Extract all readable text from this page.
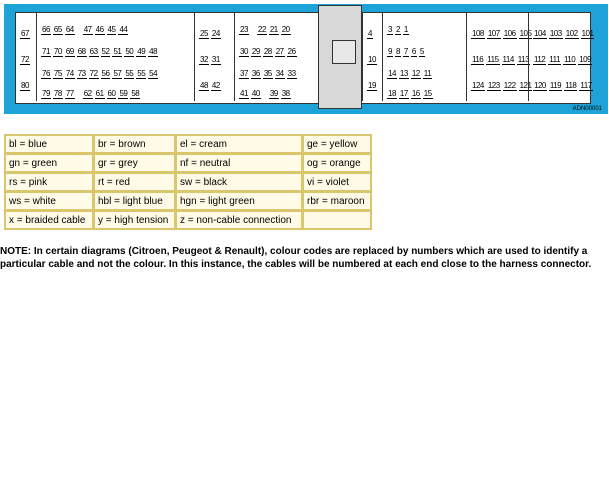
67
72
80
66 65 64 47 46 45 44
71 70 69 68 63 52 51 50 49 48
76 75 74 73 72 56 57 55 55 54
79 78 77 62 61 60 59 58
25 24
32 31
48 42
23 22 21 20
30 29 28 27 26
37 36 35 34 33
41 40 39 38
4
10
19
3 2 1
9 8 7 6 5
14 13 12 11
18 17 16 15
108 107 106 105
116 115 114 113
124 123 122 121
104 103 102 101
112 111 110 109
120 119 118 117
ADN00001
bl = blue	br = brown	el = cream	ge = yellow
gn = green	gr = grey	nf = neutral	og = orange
rs = pink	rt = red	sw = black	vi = violet
ws = white	hbl = light blue	hgn = light green	rbr = maroon
x = braided cable	y = high tension	z = non-cable connection	
NOTE: In certain diagrams (Citroen, Peugeot & Renault), colour codes are replaced by numbers which are used to identify a particular cable and not the colour. In this instance, the cables will be numbered at each end close to the harness connector.
